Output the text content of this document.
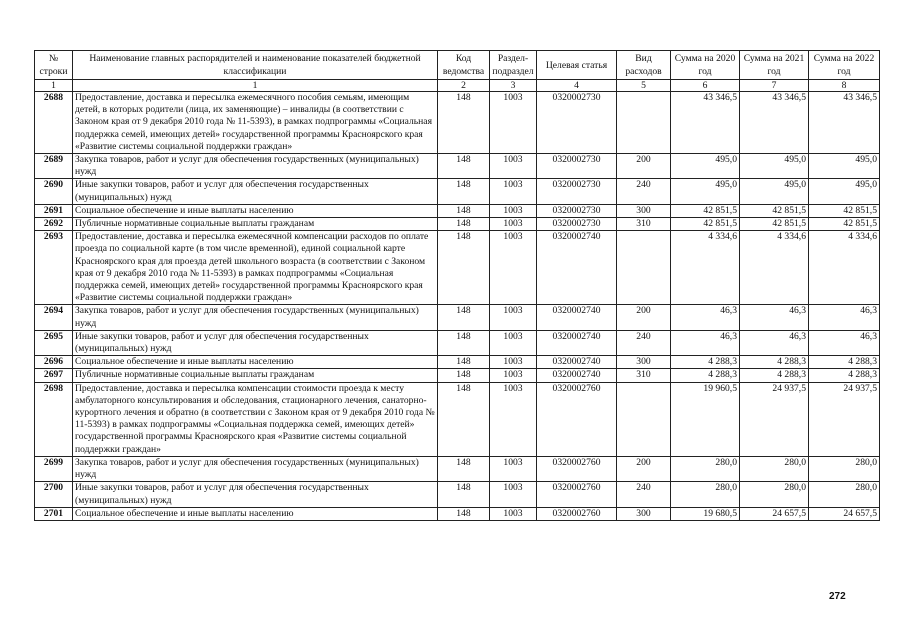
№ строки	Наименование главных распорядителей и наименование показателей бюджетной классификации	Код ведомства	Раздел-подраздел	Целевая статья	Вид расходов	Сумма на 2020 год	Сумма на 2021 год	Сумма на 2022 год
1	1	2	3	4	5	6	7	8
2688	Предоставление, доставка и пересылка ежемесячного пособия семьям, имеющим детей, в которых родители (лица, их заменяющие) – инвалиды (в соответствии с Законом края от 9 декабря 2010 года № 11-5393), в рамках подпрограммы «Социальная поддержка семей, имеющих детей» государственной программы Красноярского края «Развитие системы социальной поддержки граждан»	148	1003	0320002730		43 346,5	43 346,5	43 346,5
2689	Закупка товаров, работ и услуг для обеспечения государственных (муниципальных) нужд	148	1003	0320002730	200	495,0	495,0	495,0
2690	Иные закупки товаров, работ и услуг для обеспечения государственных (муниципальных) нужд	148	1003	0320002730	240	495,0	495,0	495,0
2691	Социальное обеспечение и иные выплаты населению	148	1003	0320002730	300	42 851,5	42 851,5	42 851,5
2692	Публичные нормативные социальные выплаты гражданам	148	1003	0320002730	310	42 851,5	42 851,5	42 851,5
2693	Предоставление, доставка и пересылка ежемесячной компенсации расходов по оплате проезда по социальной карте (в том числе временной), единой социальной карте Красноярского края для проезда детей школьного возраста (в соответствии с Законом края от 9 декабря 2010 года № 11-5393) в рамках подпрограммы «Социальная поддержка семей, имеющих детей» государственной программы Красноярского края «Развитие системы социальной поддержки граждан»	148	1003	0320002740		4 334,6	4 334,6	4 334,6
2694	Закупка товаров, работ и услуг для обеспечения государственных (муниципальных) нужд	148	1003	0320002740	200	46,3	46,3	46,3
2695	Иные закупки товаров, работ и услуг для обеспечения государственных (муниципальных) нужд	148	1003	0320002740	240	46,3	46,3	46,3
2696	Социальное обеспечение и иные выплаты населению	148	1003	0320002740	300	4 288,3	4 288,3	4 288,3
2697	Публичные нормативные социальные выплаты гражданам	148	1003	0320002740	310	4 288,3	4 288,3	4 288,3
2698	Предоставление, доставка и пересылка компенсации стоимости проезда к месту амбулаторного консультирования и обследования, стационарного лечения, санаторно-курортного лечения и обратно (в соответствии с Законом края от 9 декабря 2010 года № 11-5393) в рамках подпрограммы «Социальная поддержка семей, имеющих детей» государственной программы Красноярского края «Развитие системы социальной поддержки граждан»	148	1003	0320002760		19 960,5	24 937,5	24 937,5
2699	Закупка товаров, работ и услуг для обеспечения государственных (муниципальных) нужд	148	1003	0320002760	200	280,0	280,0	280,0
2700	Иные закупки товаров, работ и услуг для обеспечения государственных (муниципальных) нужд	148	1003	0320002760	240	280,0	280,0	280,0
2701	Социальное обеспечение и иные выплаты населению	148	1003	0320002760	300	19 680,5	24 657,5	24 657,5
272
